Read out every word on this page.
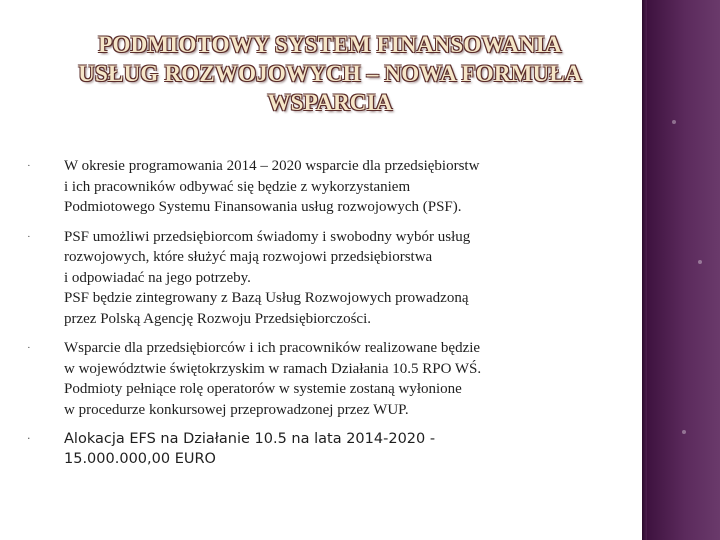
PODMIOTOWY SYSTEM FINANSOWANIA
USŁUG ROZWOJOWYCH – NOWA FORMUŁA
WSPARCIA
· W okresie programowania 2014 – 2020 wsparcie dla przedsiębiorstw
i ich pracowników odbywać się będzie z wykorzystaniem
Podmiotowego Systemu Finansowania usług rozwojowych (PSF).
· PSF umożliwi przedsiębiorcom świadomy i swobodny wybór usług
rozwojowych, które służyć mają rozwojowi przedsiębiorstwa
i odpowiadać na jego potrzeby.
PSF będzie zintegrowany z Bazą Usług Rozwojowych prowadzoną
przez Polską Agencję Rozwoju Przedsiębiorczości.
· Wsparcie dla przedsiębiorców i ich pracowników realizowane będzie
w województwie świętokrzyskim w ramach Działania 10.5 RPO WŚ.
Podmioty pełniące rolę operatorów w systemie zostaną wyłonione
w procedurze konkursowej przeprowadzonej przez WUP.
· Alokacja EFS na Działanie 10.5 na lata 2014-2020 -
15.000.000,00 EURO
